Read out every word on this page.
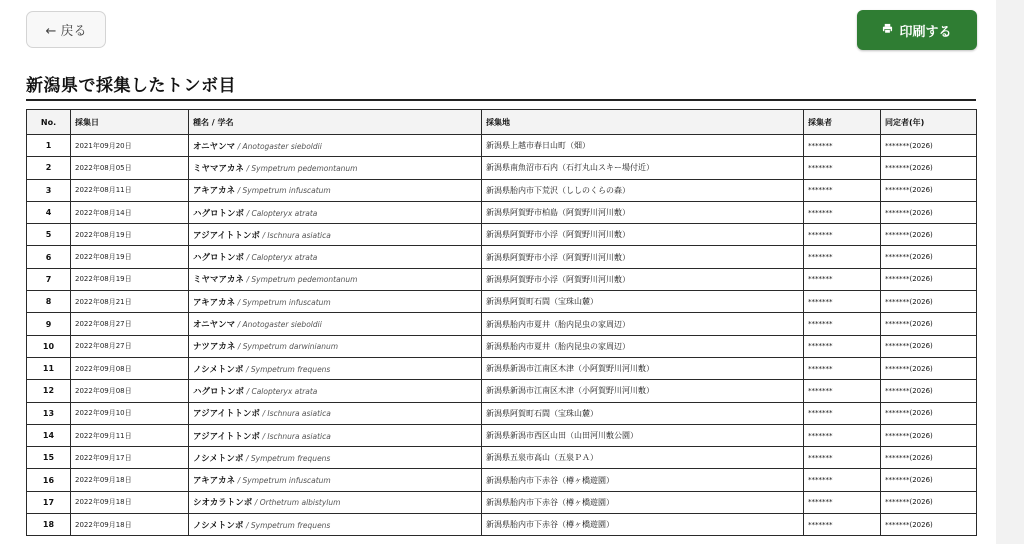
← 戻る	印刷する
新潟県で採集したトンボ目
No.	採集日	種名 / 学名	採集地	採集者	同定者(年)
1	2021年09月20日	オニヤンマ / Anotogaster sieboldii	新潟県上越市春日山町（畑）	*******	*******(2026)
2	2022年08月05日	ミヤマアカネ / Sympetrum pedemontanum	新潟県南魚沼市石内（石打丸山スキー場付近）	*******	*******(2026)
3	2022年08月11日	アキアカネ / Sympetrum infuscatum	新潟県胎内市下荒沢（ししのくらの森）	*******	*******(2026)
4	2022年08月14日	ハグロトンボ / Calopteryx atrata	新潟県阿賀野市柏島（阿賀野川河川敷）	*******	*******(2026)
5	2022年08月19日	アジアイトトンボ / Ischnura asiatica	新潟県阿賀野市小浮（阿賀野川河川敷）	*******	*******(2026)
6	2022年08月19日	ハグロトンボ / Calopteryx atrata	新潟県阿賀野市小浮（阿賀野川河川敷）	*******	*******(2026)
7	2022年08月19日	ミヤマアカネ / Sympetrum pedemontanum	新潟県阿賀野市小浮（阿賀野川河川敷）	*******	*******(2026)
8	2022年08月21日	アキアカネ / Sympetrum infuscatum	新潟県阿賀町石間（宝珠山麓）	*******	*******(2026)
9	2022年08月27日	オニヤンマ / Anotogaster sieboldii	新潟県胎内市夏井（胎内昆虫の家周辺）	*******	*******(2026)
10	2022年08月27日	ナツアカネ / Sympetrum darwinianum	新潟県胎内市夏井（胎内昆虫の家周辺）	*******	*******(2026)
11	2022年09月08日	ノシメトンボ / Sympetrum frequens	新潟県新潟市江南区木津（小阿賀野川河川敷）	*******	*******(2026)
12	2022年09月08日	ハグロトンボ / Calopteryx atrata	新潟県新潟市江南区木津（小阿賀野川河川敷）	*******	*******(2026)
13	2022年09月10日	アジアイトトンボ / Ischnura asiatica	新潟県阿賀町石間（宝珠山麓）	*******	*******(2026)
14	2022年09月11日	アジアイトトンボ / Ischnura asiatica	新潟県新潟市西区山田（山田河川敷公園）	*******	*******(2026)
15	2022年09月17日	ノシメトンボ / Sympetrum frequens	新潟県五泉市高山（五泉ＰＡ）	*******	*******(2026)
16	2022年09月18日	アキアカネ / Sympetrum infuscatum	新潟県胎内市下赤谷（樽ヶ橋遊園）	*******	*******(2026)
17	2022年09月18日	シオカラトンボ / Orthetrum albistylum	新潟県胎内市下赤谷（樽ヶ橋遊園）	*******	*******(2026)
18	2022年09月18日	ノシメトンボ / Sympetrum frequens	新潟県胎内市下赤谷（樽ヶ橋遊園）	*******	*******(2026)
